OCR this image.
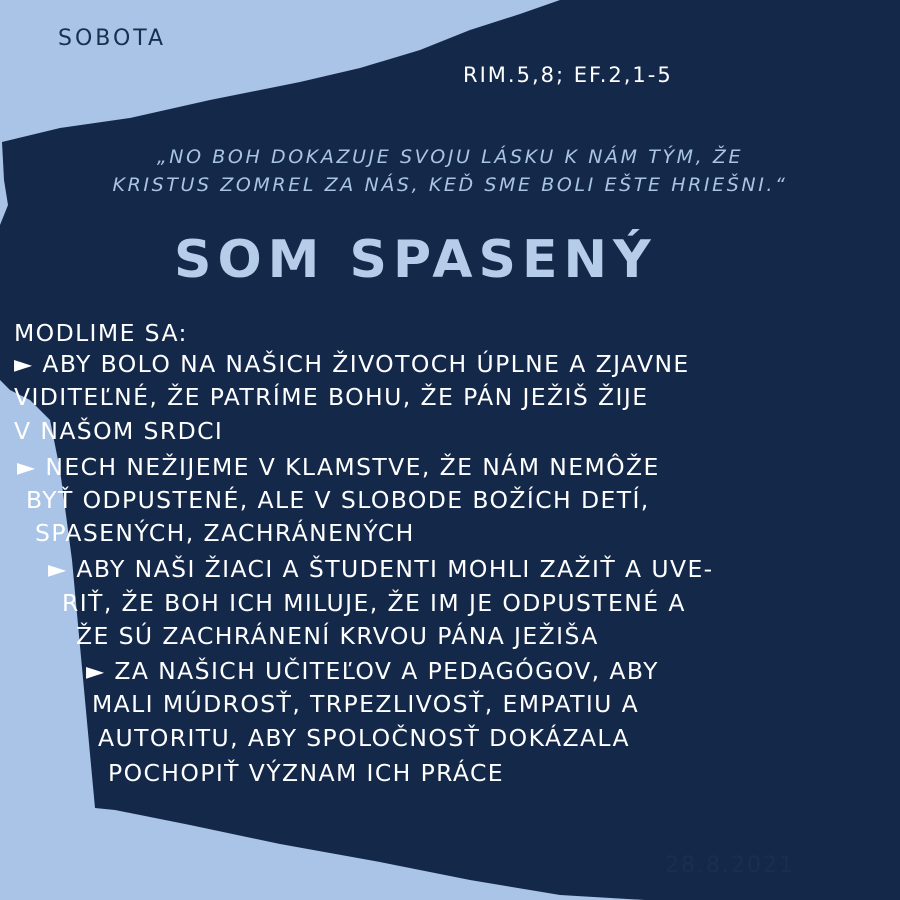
SOBOTA

RIM.5,8; EF.2,1-5

„NO BOH DOKAZUJE SVOJU LÁSKU K NÁM TÝM, ŽE

KRISTUS ZOMREL ZA NÁS, KEĎ SME BOLI EŠTE HRIEŠNI.“

SOM SPASENÝ

MODLIME SA:

► ABY BOLO NA NAŠICH ŽIVOTOCH ÚPLNE A ZJAVNE

VIDITEĽNÉ, ŽE PATRÍME BOHU, ŽE PÁN JEŽIŠ ŽIJE

V NAŠOM SRDCI

► NECH NEŽIJEME V KLAMSTVE, ŽE NÁM NEMÔŽE

BYŤ ODPUSTENÉ, ALE V SLOBODE BOŽÍCH DETÍ,

SPASENÝCH, ZACHRÁNENÝCH

► ABY NAŠI ŽIACI A ŠTUDENTI MOHLI ZAŽIŤ A UVE-

RIŤ, ŽE BOH ICH MILUJE, ŽE IM JE ODPUSTENÉ A

ŽE SÚ ZACHRÁNENÍ KRVOU PÁNA JEŽIŠA

► ZA NAŠICH UČITEĽOV A PEDAGÓGOV, ABY

MALI MÚDROSŤ, TRPEZLIVOSŤ, EMPATIU A

AUTORITU, ABY SPOLOČNOSŤ DOKÁZALA

POCHOPIŤ VÝZNAM ICH PRÁCE

28.8.2021
